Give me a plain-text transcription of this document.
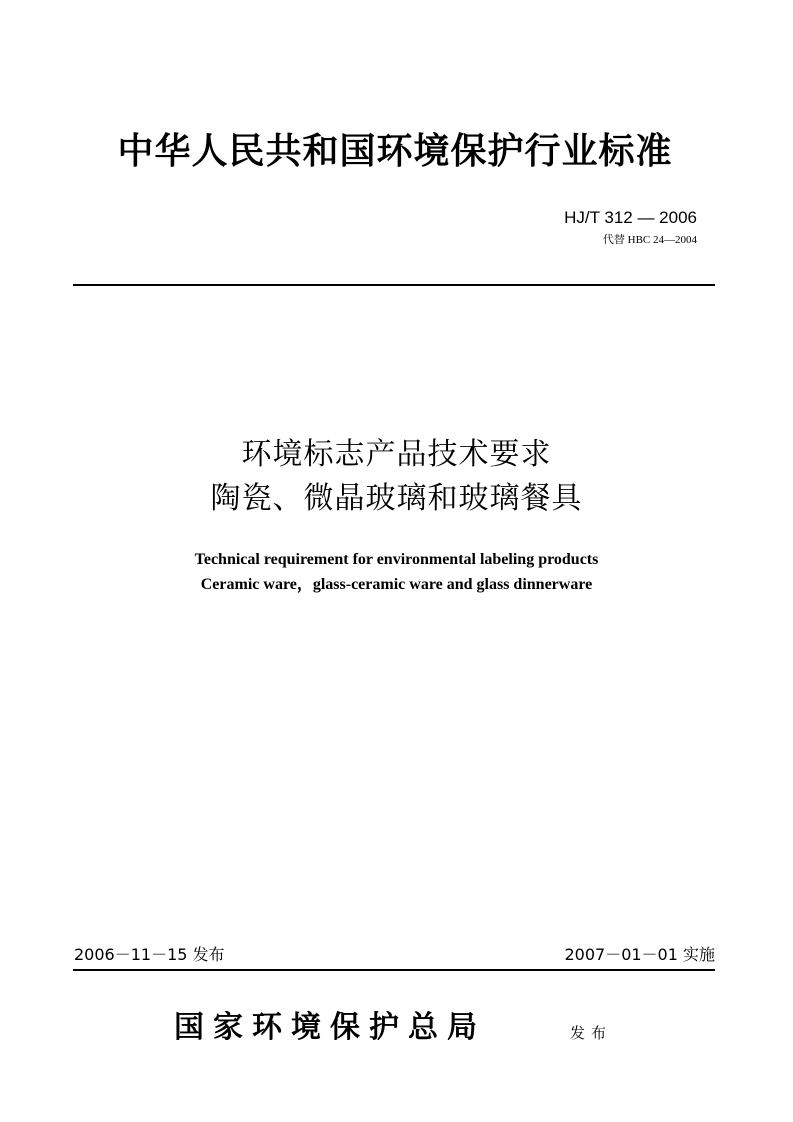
中华人民共和国环境保护行业标准
HJ/T 312 — 2006
代替 HBC 24—2004
环境标志产品技术要求
陶瓷、微晶玻璃和玻璃餐具
Technical requirement for environmental labeling products
Ceramic ware，glass-ceramic ware and glass dinnerware
2006－11－15 发布	2007－01－01 实施
国家环境保护总局	发布
